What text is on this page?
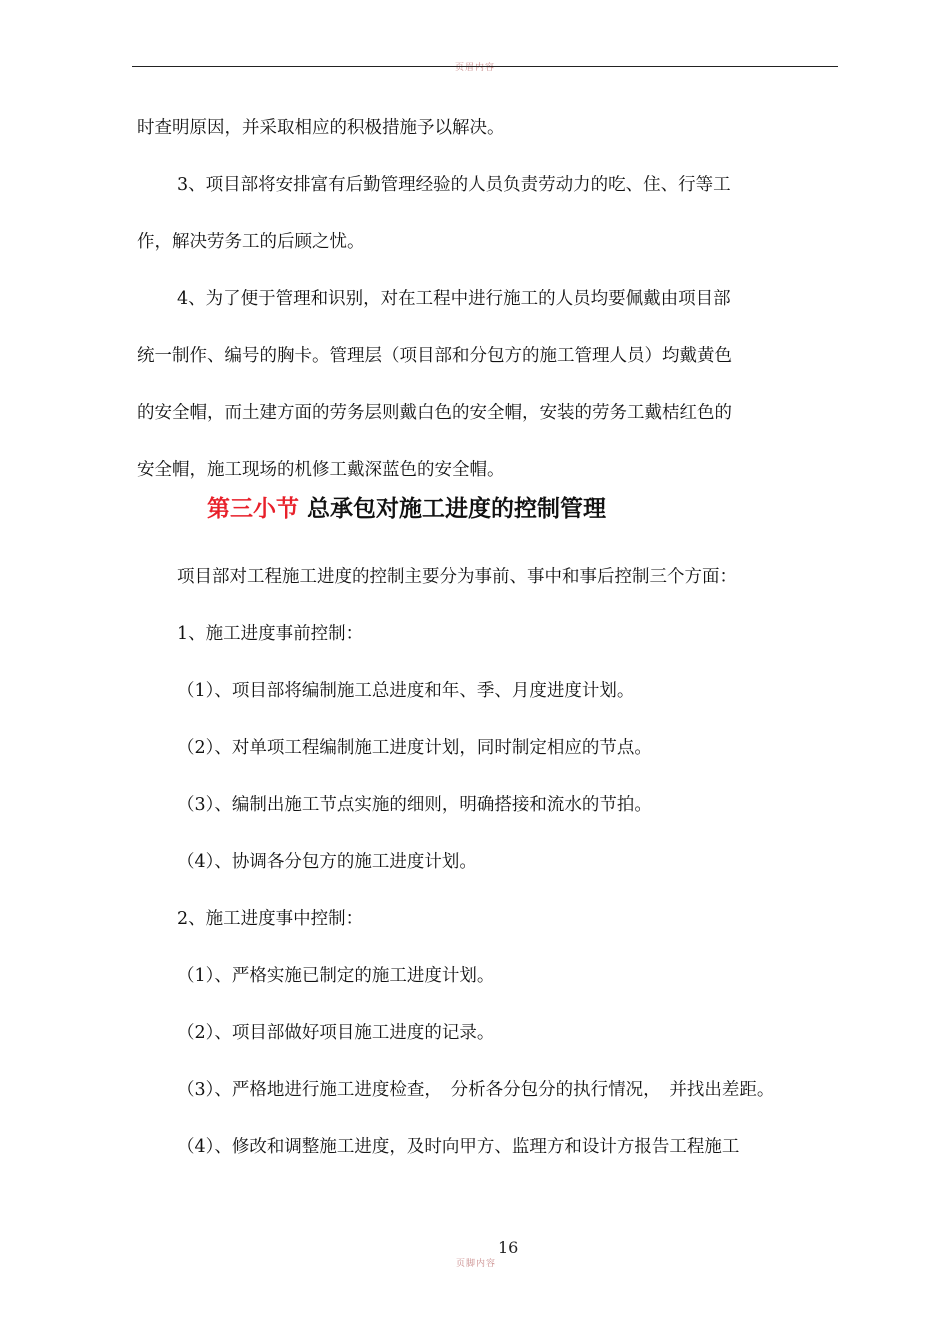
页眉内容
时查明原因，并采取相应的积极措施予以解决。
3、项目部将安排富有后勤管理经验的人员负责劳动力的吃、住、行等工
作，解决劳务工的后顾之忧。
4、为了便于管理和识别，对在工程中进行施工的人员均要佩戴由项目部
统一制作、编号的胸卡。管理层（项目部和分包方的施工管理人员）均戴黄色
的安全帽，而土建方面的劳务层则戴白色的安全帽，安装的劳务工戴桔红色的
安全帽，施工现场的机修工戴深蓝色的安全帽。
第三小节 总承包对施工进度的控制管理
项目部对工程施工进度的控制主要分为事前、事中和事后控制三个方面：
1、施工进度事前控制：
（1）、项目部将编制施工总进度和年、季、月度进度计划。
（2）、对单项工程编制施工进度计划，同时制定相应的节点。
（3）、编制出施工节点实施的细则，明确搭接和流水的节拍。
（4）、协调各分包方的施工进度计划。
2、施工进度事中控制：
（1）、严格实施已制定的施工进度计划。
（2）、项目部做好项目施工进度的记录。
（3）、严格地进行施工进度检查，　分析各分包分的执行情况，　并找出差距。
（4）、修改和调整施工进度，及时向甲方、监理方和设计方报告工程施工
16
页脚内容
